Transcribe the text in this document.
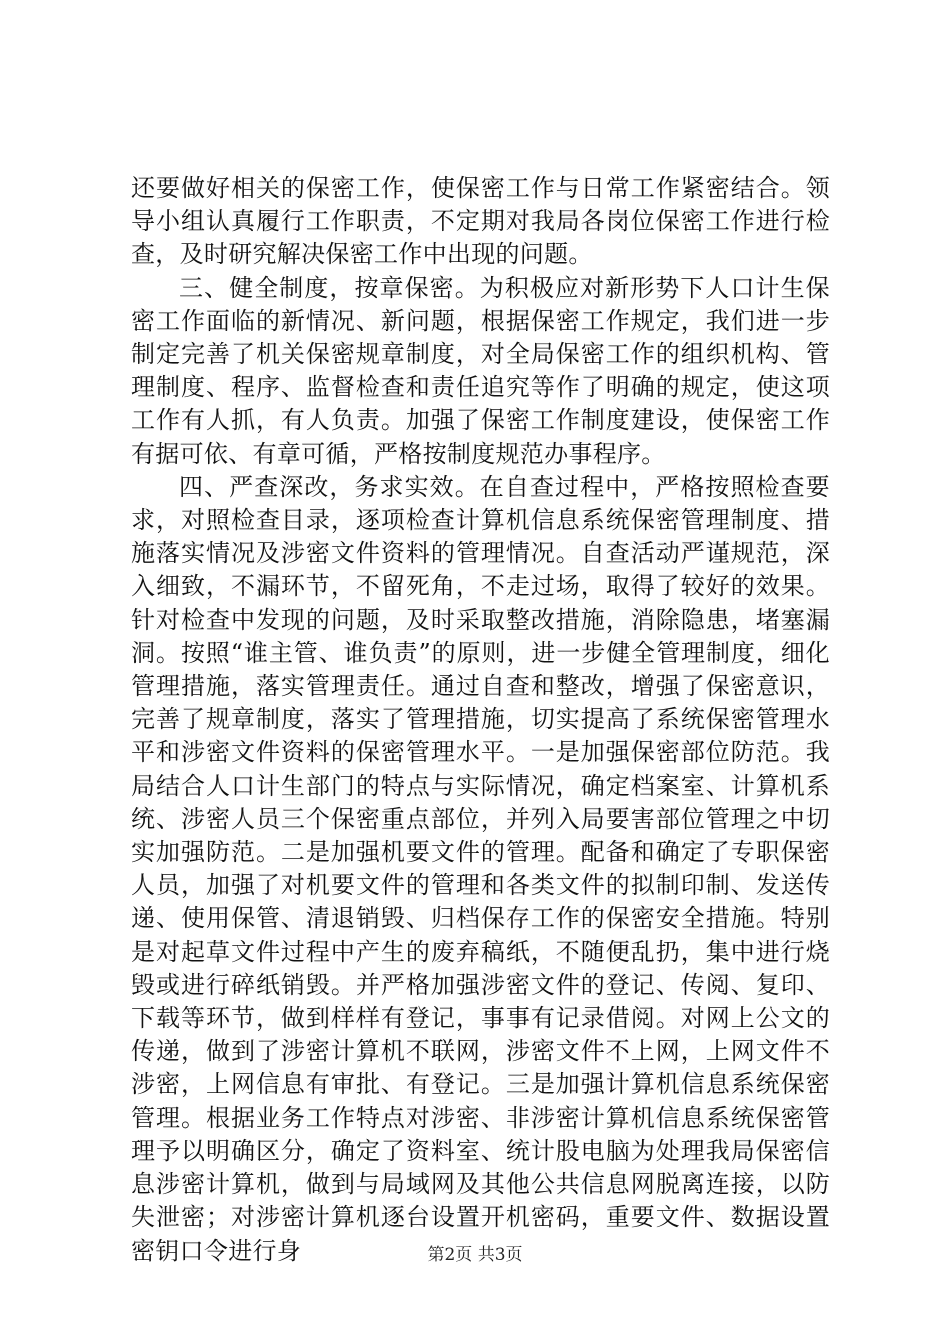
还要做好相关的保密工作，使保密工作与日常工作紧密结合。领导小组认真履行工作职责，不定期对我局各岗位保密工作进行检查，及时研究解决保密工作中出现的问题。

三、健全制度，按章保密。为积极应对新形势下人口计生保密工作面临的新情况、新问题，根据保密工作规定，我们进一步制定完善了机关保密规章制度，对全局保密工作的组织机构、管理制度、程序、监督检查和责任追究等作了明确的规定，使这项工作有人抓，有人负责。加强了保密工作制度建设，使保密工作有据可依、有章可循，严格按制度规范办事程序。

四、严查深改，务求实效。在自查过程中，严格按照检查要求，对照检查目录，逐项检查计算机信息系统保密管理制度、措施落实情况及涉密文件资料的管理情况。自查活动严谨规范，深入细致，不漏环节，不留死角，不走过场，取得了较好的效果。针对检查中发现的问题，及时采取整改措施，消除隐患，堵塞漏洞。按照“谁主管、谁负责”的原则，进一步健全管理制度，细化管理措施，落实管理责任。通过自查和整改，增强了保密意识，完善了规章制度，落实了管理措施，切实提高了系统保密管理水平和涉密文件资料的保密管理水平。一是加强保密部位防范。我局结合人口计生部门的特点与实际情况，确定档案室、计算机系统、涉密人员三个保密重点部位，并列入局要害部位管理之中切实加强防范。二是加强机要文件的管理。配备和确定了专职保密人员，加强了对机要文件的管理和各类文件的拟制印制、发送传递、使用保管、清退销毁、归档保存工作的保密安全措施。特别是对起草文件过程中产生的废弃稿纸，不随便乱扔，集中进行烧毁或进行碎纸销毁。并严格加强涉密文件的登记、传阅、复印、下载等环节，做到样样有登记，事事有记录借阅。对网上公文的传递，做到了涉密计算机不联网，涉密文件不上网，上网文件不涉密，上网信息有审批、有登记。三是加强计算机信息系统保密管理。根据业务工作特点对涉密、非涉密计算机信息系统保密管理予以明确区分，确定了资料室、统计股电脑为处理我局保密信息涉密计算机，做到与局域网及其他公共信息网脱离连接，以防失泄密；对涉密计算机逐台设置开机密码，重要文件、数据设置密钥口令进行身	第2页 共3页
